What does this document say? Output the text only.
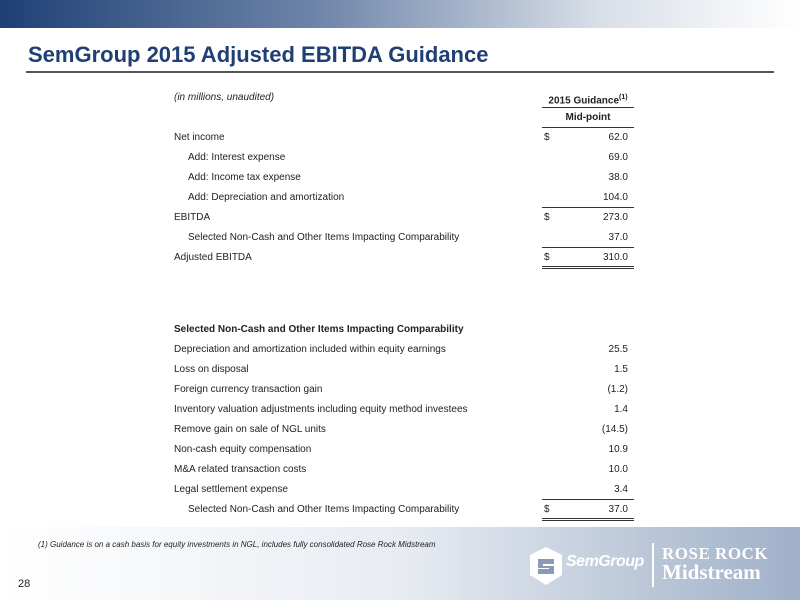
SemGroup 2015 Adjusted EBITDA Guidance
(in millions, unaudited)	2015 Guidance$^{(1)}$
Mid-point
Net income	$	62.0
Add: Interest expense	69.0
Add: Income tax expense	38.0
Add: Depreciation and amortization	104.0
EBITDA	$	273.0
Selected Non-Cash and Other Items Impacting Comparability	37.0
Adjusted EBITDA	$	310.0
Selected Non-Cash and Other Items Impacting Comparability
Depreciation and amortization included within equity earnings	25.5
Loss on disposal	1.5
Foreign currency transaction gain	(1.2)
Inventory valuation adjustments including equity method investees	1.4
Remove gain on sale of NGL units	(14.5)
Non-cash equity compensation	10.9
M&A related transaction costs	10.0
Legal settlement expense	3.4
Selected Non-Cash and Other Items Impacting Comparability	$	37.0
(1) Guidance is on a cash basis for equity investments in NGL, includes fully consolidated Rose Rock Midstream
28
SemGroup ROSE ROCK
Midstream
